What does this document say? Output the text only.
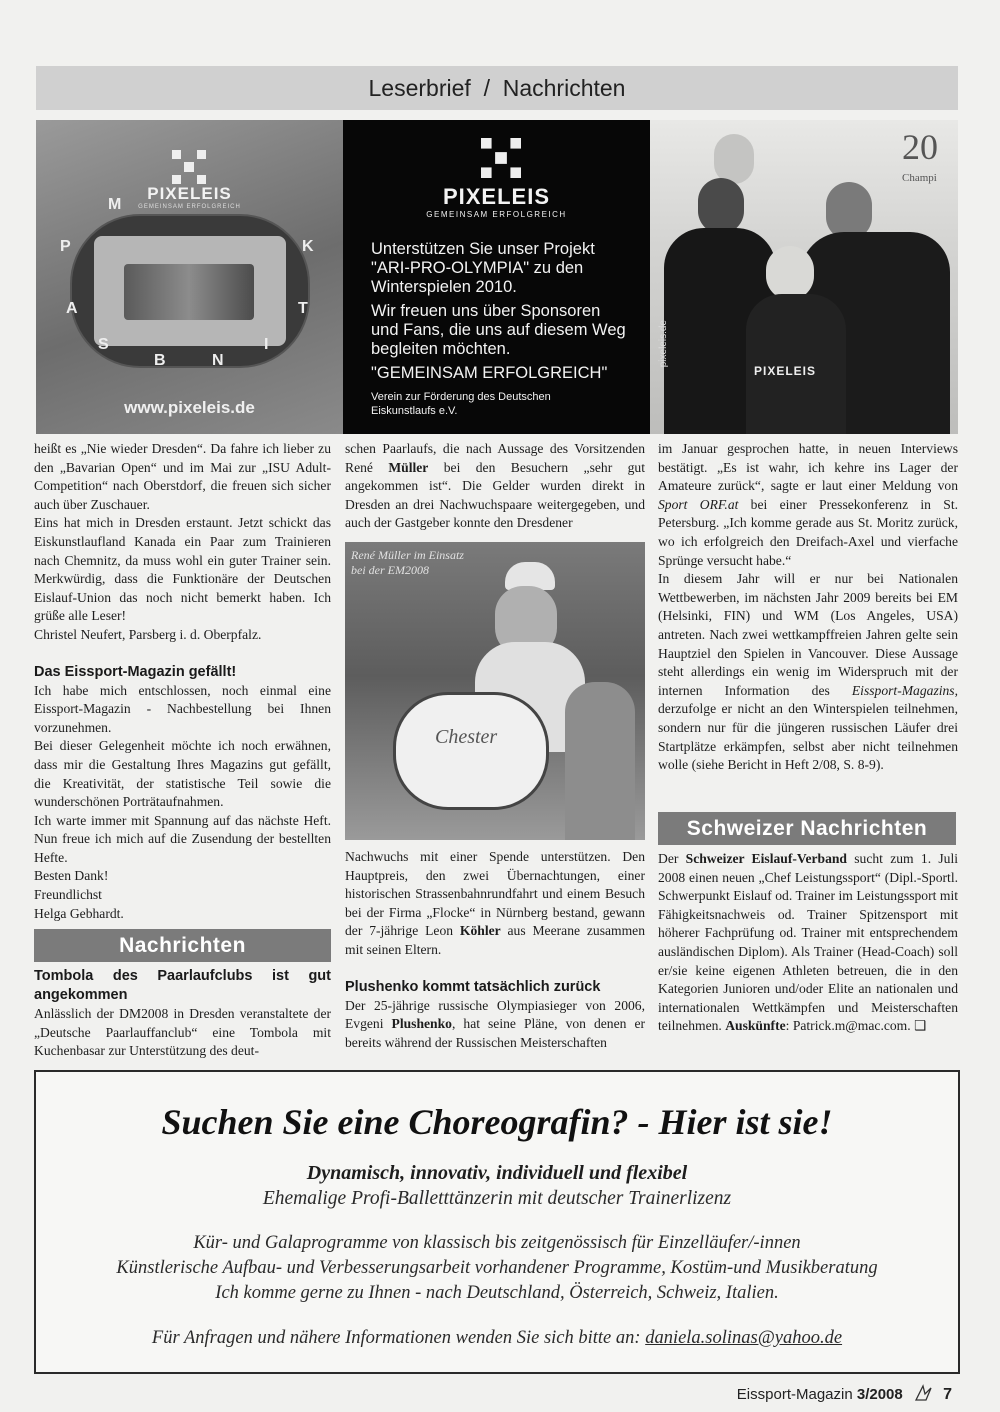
Leserbrief  /  Nachrichten
PIXELEIS
GEMEINSAM ERFOLGREICH
M
P
A
S
B	N
I
T
K
www.pixeleis.de
PIXELEIS
GEMEINSAM ERFOLGREICH
Unterstützen Sie unser Projekt "ARI-PRO-OLYMPIA" zu den Winterspielen 2010.
Wir freuen uns über Sponsoren und Fans, die uns auf diesem Weg begleiten möchten.
"GEMEINSAM ERFOLGREICH"
Verein zur Förderung des Deutschen Eiskunstlaufs e.V.
20
Champi
PIXELEIS
pixeleis.de

heißt es „Nie wieder Dresden“. Da fahre ich lieber zu den „Bavarian Open“ und im Mai zur „ISU Adult-Competition“ nach Oberstdorf, die freuen sich sicher auch über Zuschauer.

Eins hat mich in Dresden erstaunt. Jetzt schickt das Eiskunstlaufland Kanada ein Paar zum Trainieren nach Chemnitz, da muss wohl ein guter Trainer sein. Merkwürdig, dass die Funktionäre der Deutschen Eislauf-Union das noch nicht bemerkt haben. Ich grüße alle Leser!

Christel Neufert, Parsberg i. d. Oberpfalz.

Das Eissport-Magazin gefällt!

Ich habe mich entschlossen, noch einmal eine Eissport-Magazin - Nachbestellung bei Ihnen vorzunehmen.

Bei dieser Gelegenheit möchte ich noch erwähnen, dass mir die Gestaltung Ihres Magazins gut gefällt, die Kreativität, der statistische Teil sowie die wunderschönen Porträtaufnahmen.

Ich warte immer mit Spannung auf das nächste Heft. Nun freue ich mich auf die Zusendung der bestellten Hefte.

Besten Dank!

Freundlichst

Helga Gebhardt.

Nachrichten
Tombola des Paarlaufclubs ist gut angekommen

Anlässlich der DM2008 in Dresden veranstaltete der „Deutsche Paarlauffanclub“ eine Tombola mit Kuchenbasar zur Unterstützung des deut-

schen Paarlaufs, die nach Aussage des Vorsitzenden René Müller bei den Besuchern „sehr gut angekommen ist“. Die Gelder wurden direkt in Dresden an drei Nachwuchspaare weitergegeben, und auch der Gastgeber konnte den Dresdener

René Müller im Einsatz bei der EM2008
Chester

Nachwuchs mit einer Spende unterstützen. Den Hauptpreis, den zwei Übernachtungen, einer historischen Strassenbahnrundfahrt und einem Besuch bei der Firma „Flocke“ in Nürnberg bestand, gewann der 7-jährige Leon Köhler aus Meerane zusammen mit seinen Eltern.

Plushenko kommt tatsächlich zurück

Der 25-jährige russische Olympiasieger von 2006, Evgeni Plushenko, hat seine Pläne, von denen er bereits während der Russischen Meisterschaften

im Januar gesprochen hatte, in neuen Interviews bestätigt. „Es ist wahr, ich kehre ins Lager der Amateure zurück“, sagte er laut einer Meldung von Sport ORF.at bei einer Pressekonferenz in St. Petersburg. „Ich komme gerade aus St. Moritz zurück, wo ich erfolgreich den Dreifach-Axel und vierfache Sprünge versucht habe.“

In diesem Jahr will er nur bei Nationalen Wettbewerben, im nächsten Jahr 2009 bereits bei EM (Helsinki, FIN) und WM (Los Angeles, USA) antreten. Nach zwei wettkampffreien Jahren gelte sein Hauptziel den Spielen in Vancouver. Diese Aussage steht allerdings ein wenig im Widerspruch mit der internen Information des Eissport-Magazins, derzufolge er nicht an den Winterspielen teilnehmen, sondern nur für die jüngeren russischen Läufer drei Startplätze erkämpfen, selbst aber nicht teilnehmen wolle (siehe Bericht in Heft 2/08, S. 8-9).

Schweizer Nachrichten

Der Schweizer Eislauf-Verband sucht zum 1. Juli 2008 einen neuen „Chef Leistungssport“ (Dipl.-Sportl. Schwerpunkt Eislauf od. Trainer im Leistungssport mit Fähigkeitsnachweis od. Trainer Spitzensport mit höherer Fachprüfung od. Trainer mit entsprechendem ausländischen Diplom). Als Trainer (Head-Coach) soll er/sie keine eigenen Athleten betreuen, die in den Kategorien Junioren und/oder Elite an nationalen und internationalen Wettkämpfen und Meisterschaften teilnehmen. Auskünfte: Patrick.m@mac.com. ❑

Suchen Sie eine Choreografin? - Hier ist sie!
Dynamisch, innovativ, individuell und flexibel
Ehemalige Profi-Balletttänzerin mit deutscher Trainerlizenz
Kür- und Galaprogramme von klassisch bis zeitgenössisch für Einzelläufer/-innen
Künstlerische Aufbau- und Verbesserungsarbeit vorhandener Programme, Kostüm-und Musikberatung
Ich komme gerne zu Ihnen - nach Deutschland, Österreich, Schweiz, Italien.
Für Anfragen und nähere Informationen wenden Sie sich bitte an: daniela.solinas@yahoo.de
Eissport-Magazin 3/2008	7
